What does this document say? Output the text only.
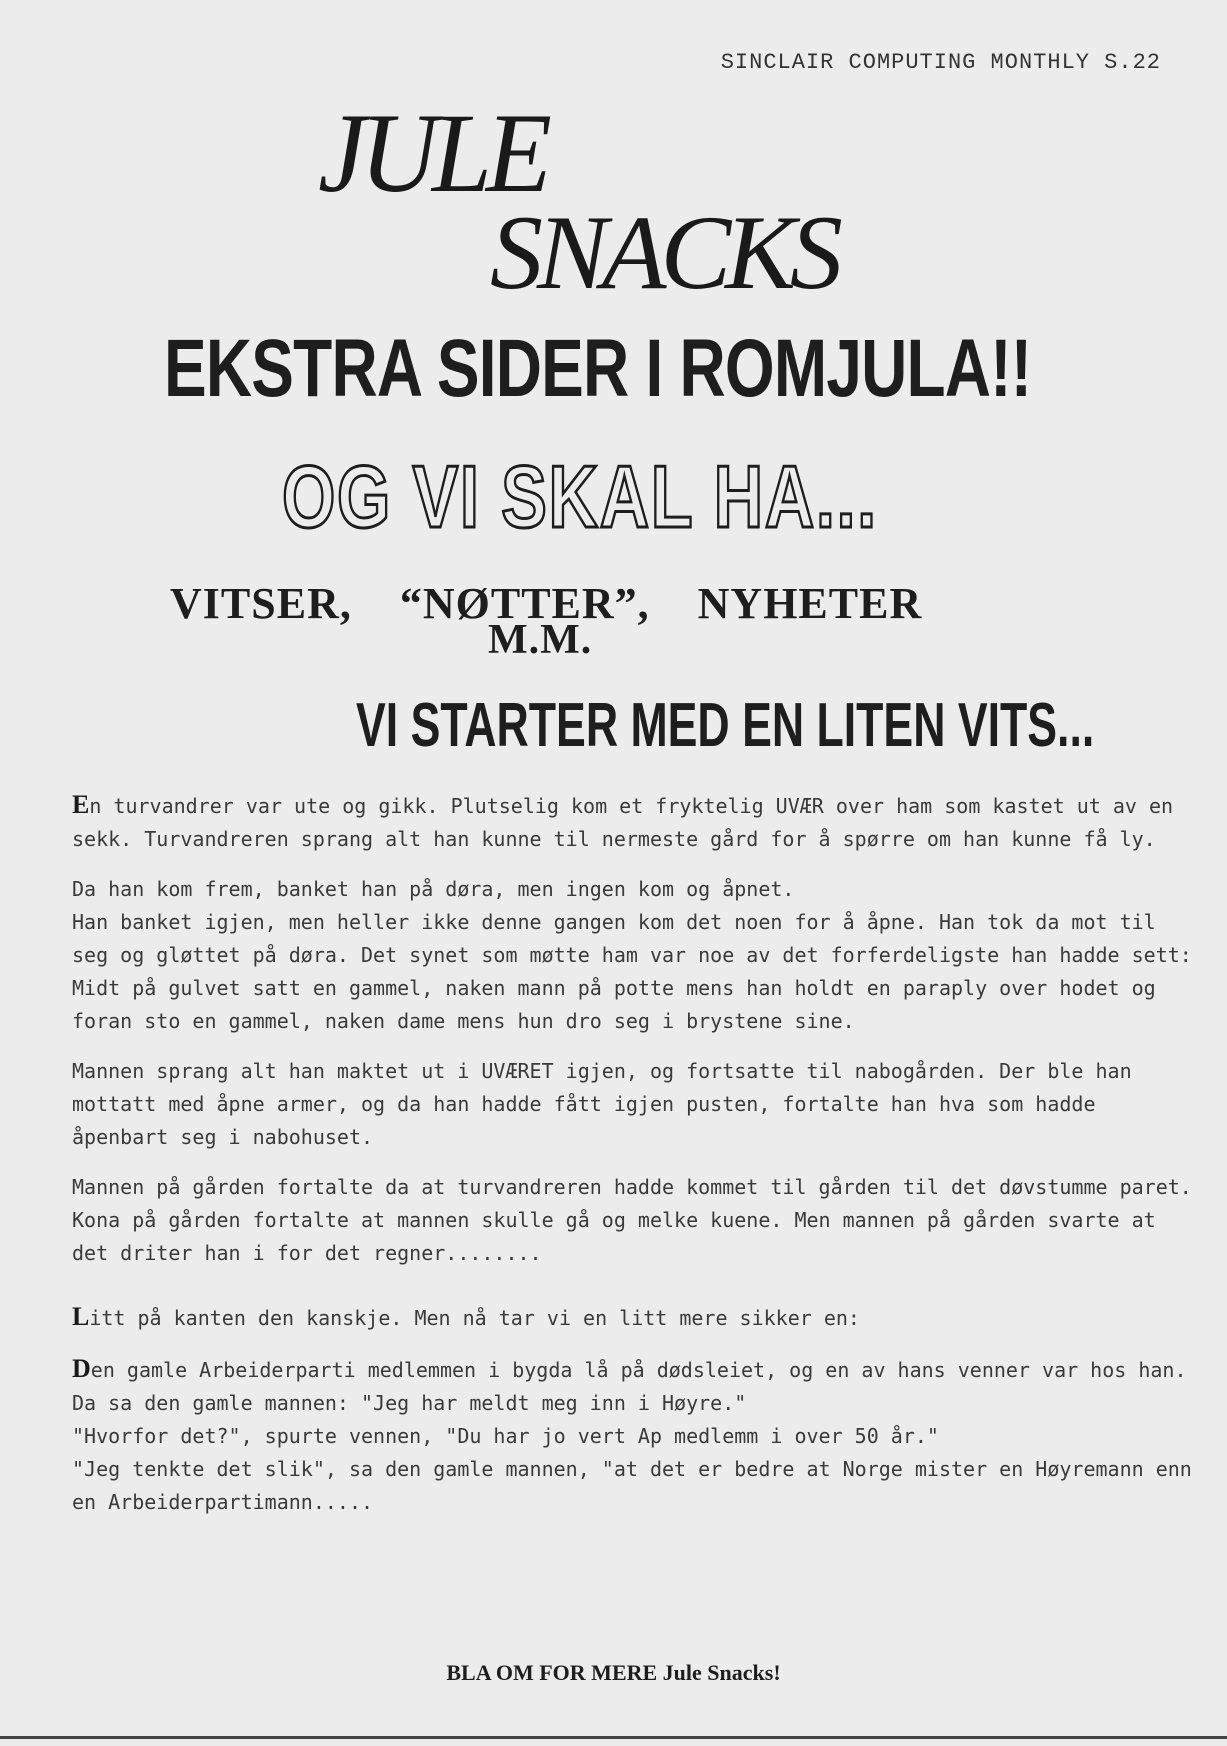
SINCLAIR COMPUTING MONTHLY S.22
JULE
SNACKS
EKSTRA SIDER I ROMJULA!!
OG VI SKAL HA...
VITSER,    “NØTTER”,    NYHETER
M.M.
VI STARTER MED EN LITEN VITS...

En turvandrer var ute og gikk. Plutselig kom et fryktelig UVÆR over ham som kastet ut av en sekk. Turvandreren sprang alt han kunne til nermeste gård for å spørre om han kunne få ly.

Da han kom frem, banket han på døra, men ingen kom og åpnet.

Han banket igjen, men heller ikke denne gangen kom det noen for å åpne. Han tok da mot til seg og gløttet på døra. Det synet som møtte ham var noe av det forferdeligste han hadde sett: Midt på gulvet satt en gammel, naken mann på potte mens han holdt en paraply over hodet og foran sto en gammel, naken dame mens hun dro seg i brystene sine.

Mannen sprang alt han maktet ut i UVÆRET igjen, og fortsatte til nabogården. Der ble han mottatt med åpne armer, og da han hadde fått igjen pusten, fortalte han hva som hadde åpenbart seg i nabohuset.

Mannen på gården fortalte da at turvandreren hadde kommet til gården til det døvstumme paret. Kona på gården fortalte at mannen skulle gå og melke kuene. Men mannen på gården svarte at det driter han i for det regner........

Litt på kanten den kanskje. Men nå tar vi en litt mere sikker en:

Den gamle Arbeiderparti medlemmen i bygda lå på dødsleiet, og en av hans venner var hos han.

Da sa den gamle mannen: "Jeg har meldt meg inn i Høyre."

"Hvorfor det?", spurte vennen, "Du har jo vert Ap medlemm i over 50 år."

"Jeg tenkte det slik", sa den gamle mannen, "at det er bedre at Norge mister en Høyremann enn en Arbeiderpartimann.....

BLA OM FOR MERE Jule Snacks!
